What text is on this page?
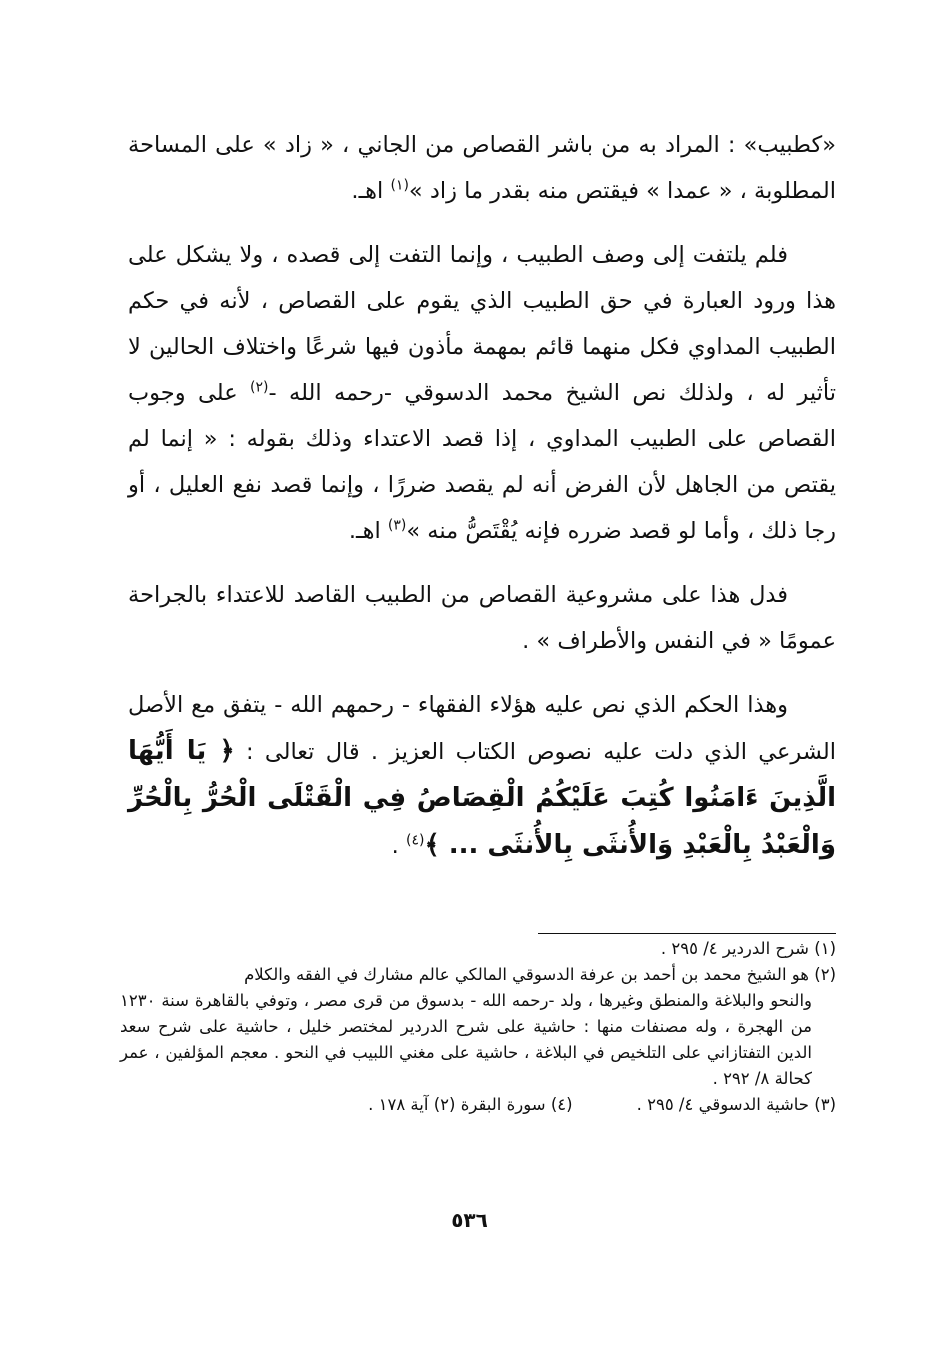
«كطبيب» : المراد به من باشر القصاص من الجاني ، « زاد » على المساحة المطلوبة ، « عمدا » فيقتص منه بقدر ما زاد »$^{(١)}$ اهـ.

فلم يلتفت إلى وصف الطبيب ، وإنما التفت إلى قصده ، ولا يشكل على هذا ورود العبارة في حق الطبيب الذي يقوم على القصاص ، لأنه في حكم الطبيب المداوي فكل منهما قائم بمهمة مأذون فيها شرعًا واختلاف الحالين لا تأثير له ، ولذلك نص الشيخ محمد الدسوقي -رحمه الله -$^{(٢)}$ على وجوب القصاص على الطبيب المداوي ، إذا قصد الاعتداء وذلك بقوله : « إنما لم يقتص من الجاهل لأن الفرض أنه لم يقصد ضررًا ، وإنما قصد نفع العليل ، أو رجا ذلك ، وأما لو قصد ضرره فإنه يُقْتَصُّ منه »$^{(٣)}$ اهـ.

فدل هذا على مشروعية القصاص من الطبيب القاصد للاعتداء بالجراحة عمومًا « في النفس والأطراف » .

وهذا الحكم الذي نص عليه هؤلاء الفقهاء - رحمهم الله - يتفق مع الأصل الشرعي الذي دلت عليه نصوص الكتاب العزيز . قال تعالى : ﴿ يَا أَيُّهَا الَّذِينَ ءَامَنُوا كُتِبَ عَلَيْكُمُ الْقِصَاصُ فِي الْقَتْلَى الْحُرُّ بِالْحُرِّ وَالْعَبْدُ بِالْعَبْدِ وَالأُنثَى بِالأُنثَى ... ﴾$^{(٤)}$ .

(١) شرح الدردير ٤/ ٢٩٥ .

(٢) هو الشيخ محمد بن أحمد بن عرفة الدسوقي المالكي عالم مشارك في الفقه والكلام
والنحو والبلاغة والمنطق وغيرها ، ولد -رحمه الله - بدسوق من قرى مصر ، وتوفي بالقاهرة سنة ١٢٣٠ من الهجرة ، وله مصنفات منها : حاشية على شرح الدردير لمختصر خليل ، حاشية على شرح سعد الدين التفتازاني على التلخيص في البلاغة ، حاشية على مغني اللبيب في النحو . معجم المؤلفين ، عمر كحالة ٨/ ٢٩٢ .

(٣) حاشية الدسوقي ٤/ ٢٩٥ .
(٤) سورة البقرة (٢) آية ١٧٨ .
٥٣٦
